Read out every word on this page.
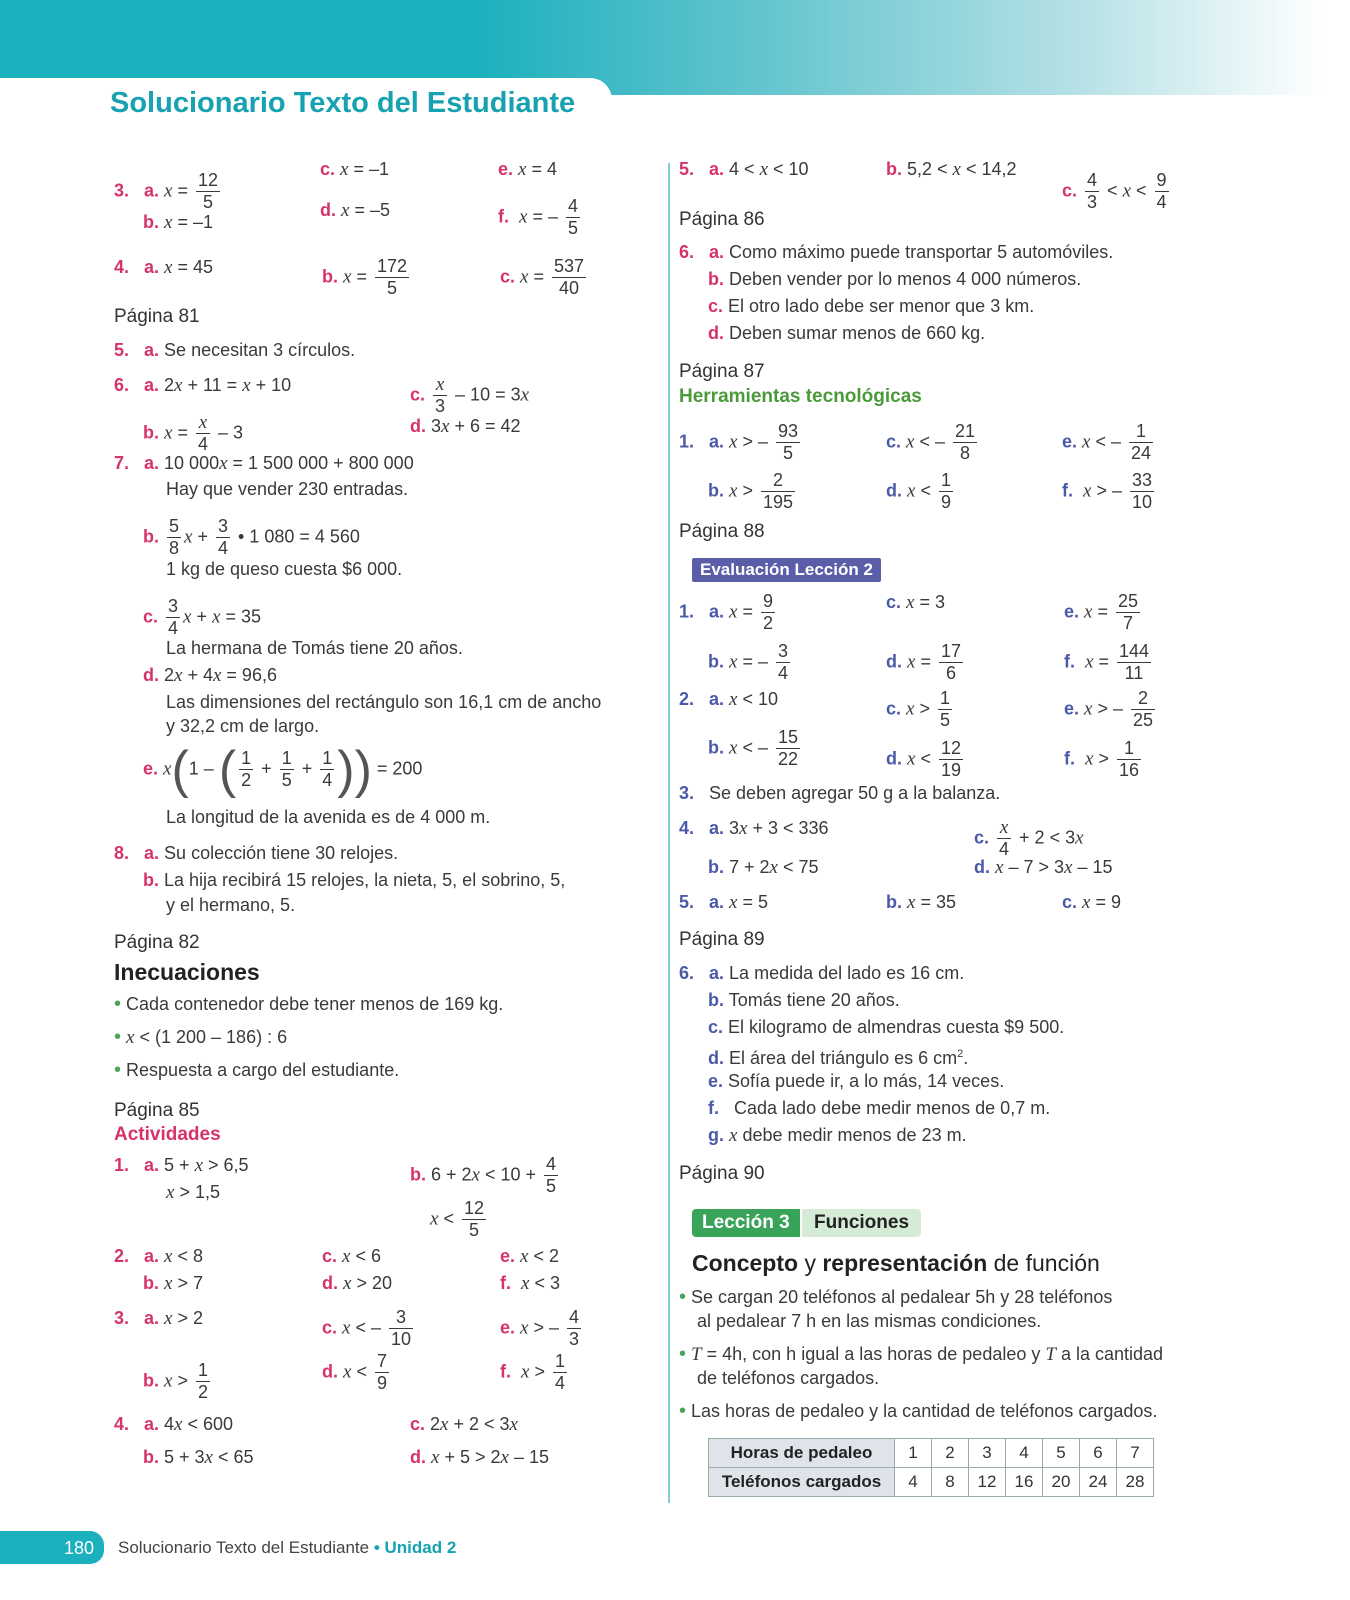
Solucionario Texto del Estudiante
3.   a. $x = \frac{12}{5}$
b. x = –1
c. x = –1
d. x = –5
e. x = 4
f. x = – $\frac{4}{5}$
4.   a. x = 45	b. $x = \frac{172}{5}$	c. $x = \frac{537}{40}$
Página 81
5.   a. Se necesitan 3 círculos.
6.   a. 2x + 11 = x + 10
b. $x = \frac{x}{4} - 3$
c. $\frac{x}{3} - 10 = 3x$
d. 3x + 6 = 42
7.   a. 10 000x = 1 500 000 + 800 000
Hay que vender 230 entradas.
b. $\frac{5}{8}$ $x + \frac{3}{4}$ • 1 080 = 4 560
1 kg de queso cuesta $6 000.
c. $\frac{3}{4}$ x + x = 35
La hermana de Tomás tiene 20 años.
d. 2x + 4x = 96,6
Las dimensiones del rectángulo son 16,1 cm de ancho
y 32,2 cm de largo.
e. x(1 – ( $\frac{1}{2} + \frac{1}{5} + \frac{1}{4}$ )) = 200
La longitud de la avenida es de 4 000 m.
8.   a. Su colección tiene 30 relojes.
b. La hija recibirá 15 relojes, la nieta, 5, el sobrino, 5,
y el hermano, 5.
Página 82
Inecuaciones
• Cada contenedor debe tener menos de 169 kg.
• x < (1 200 – 186) : 6
• Respuesta a cargo del estudiante.
Página 85
Actividades
1.   a. 5 + x > 6,5
x > 1,5
b. $6 + 2x < 10 + \frac{4}{5}$
$x < \frac{12}{5}$
2.   a. x < 8
b. x > 7
c. x < 6
d. x > 20
e. x < 2
f. x < 3
3.   a. x > 2
b. $x > \frac{1}{2}$
c. x < – $\frac{3}{10}$
d. $x < \frac{7}{9}$
e. x > – $\frac{4}{3}$
f. $x > \frac{1}{4}$
4.   a. 4x < 600
b. 5 + 3x < 65
c. 2x + 2 < 3x
d. x + 5 > 2x – 15
5.   a. 4 < x < 10	b. 5,2 < x < 14,2
c. $\frac{4}{3} < x < \frac{9}{4}$
Página 86
6.   a. Como máximo puede transportar 5 automóviles.
b. Deben vender por lo menos 4 000 números.
c. El otro lado debe ser menor que 3 km.
d. Deben sumar menos de 660 kg.
Página 87
Herramientas tecnológicas
1.   a. x > – $\frac{93}{5}$
b. $x > \frac{2}{195}$
c. x < – $\frac{21}{8}$
d. $x < \frac{1}{9}$
e. x < – $\frac{1}{24}$
f. x > – $\frac{33}{10}$
Página 88
Evaluación Lección 2
1.   a. $x = \frac{9}{2}$
b. x = – $\frac{3}{4}$
c. x = 3
d. $x = \frac{17}{6}$
e. $x = \frac{25}{7}$
f. $x = \frac{144}{11}$
2.   a. x < 10
b. x < – $\frac{15}{22}$
c. $x > \frac{1}{5}$
d. $x < \frac{12}{19}$
e. x > – $\frac{2}{25}$
f. $x > \frac{1}{16}$
3. Se deben agregar 50 g a la balanza.
4.   a. 3x + 3 < 336
b. 7 + 2x < 75
c. $\frac{x}{4} + 2 < 3x$
d. x – 7 > 3x – 15
5.   a. x = 5	b. x = 35	c. x = 9
Página 89
6.   a. La medida del lado es 16 cm.
b. Tomás tiene 20 años.
c. El kilogramo de almendras cuesta $9 500.
d. El área del triángulo es 6 $cm^2$.
e. Sofía puede ir, a lo más, 14 veces.
f. Cada lado debe medir menos de 0,7 m.
g. x debe medir menos de 23 m.
Página 90
Lección 3	Funciones
Concepto y representación de función
• Se cargan 20 teléfonos al pedalear 5h y 28 teléfonos
al pedalear 7 h en las mismas condiciones.
• T = 4h, con h igual a las horas de pedaleo y T a la cantidad
de teléfonos cargados.
• Las horas de pedaleo y la cantidad de teléfonos cargados.
Horas de pedaleo	1	2	3	4	5	6	7
Teléfonos cargados	4	8	12	16	20	24	28
180 Solucionario Texto del Estudiante • Unidad 2
